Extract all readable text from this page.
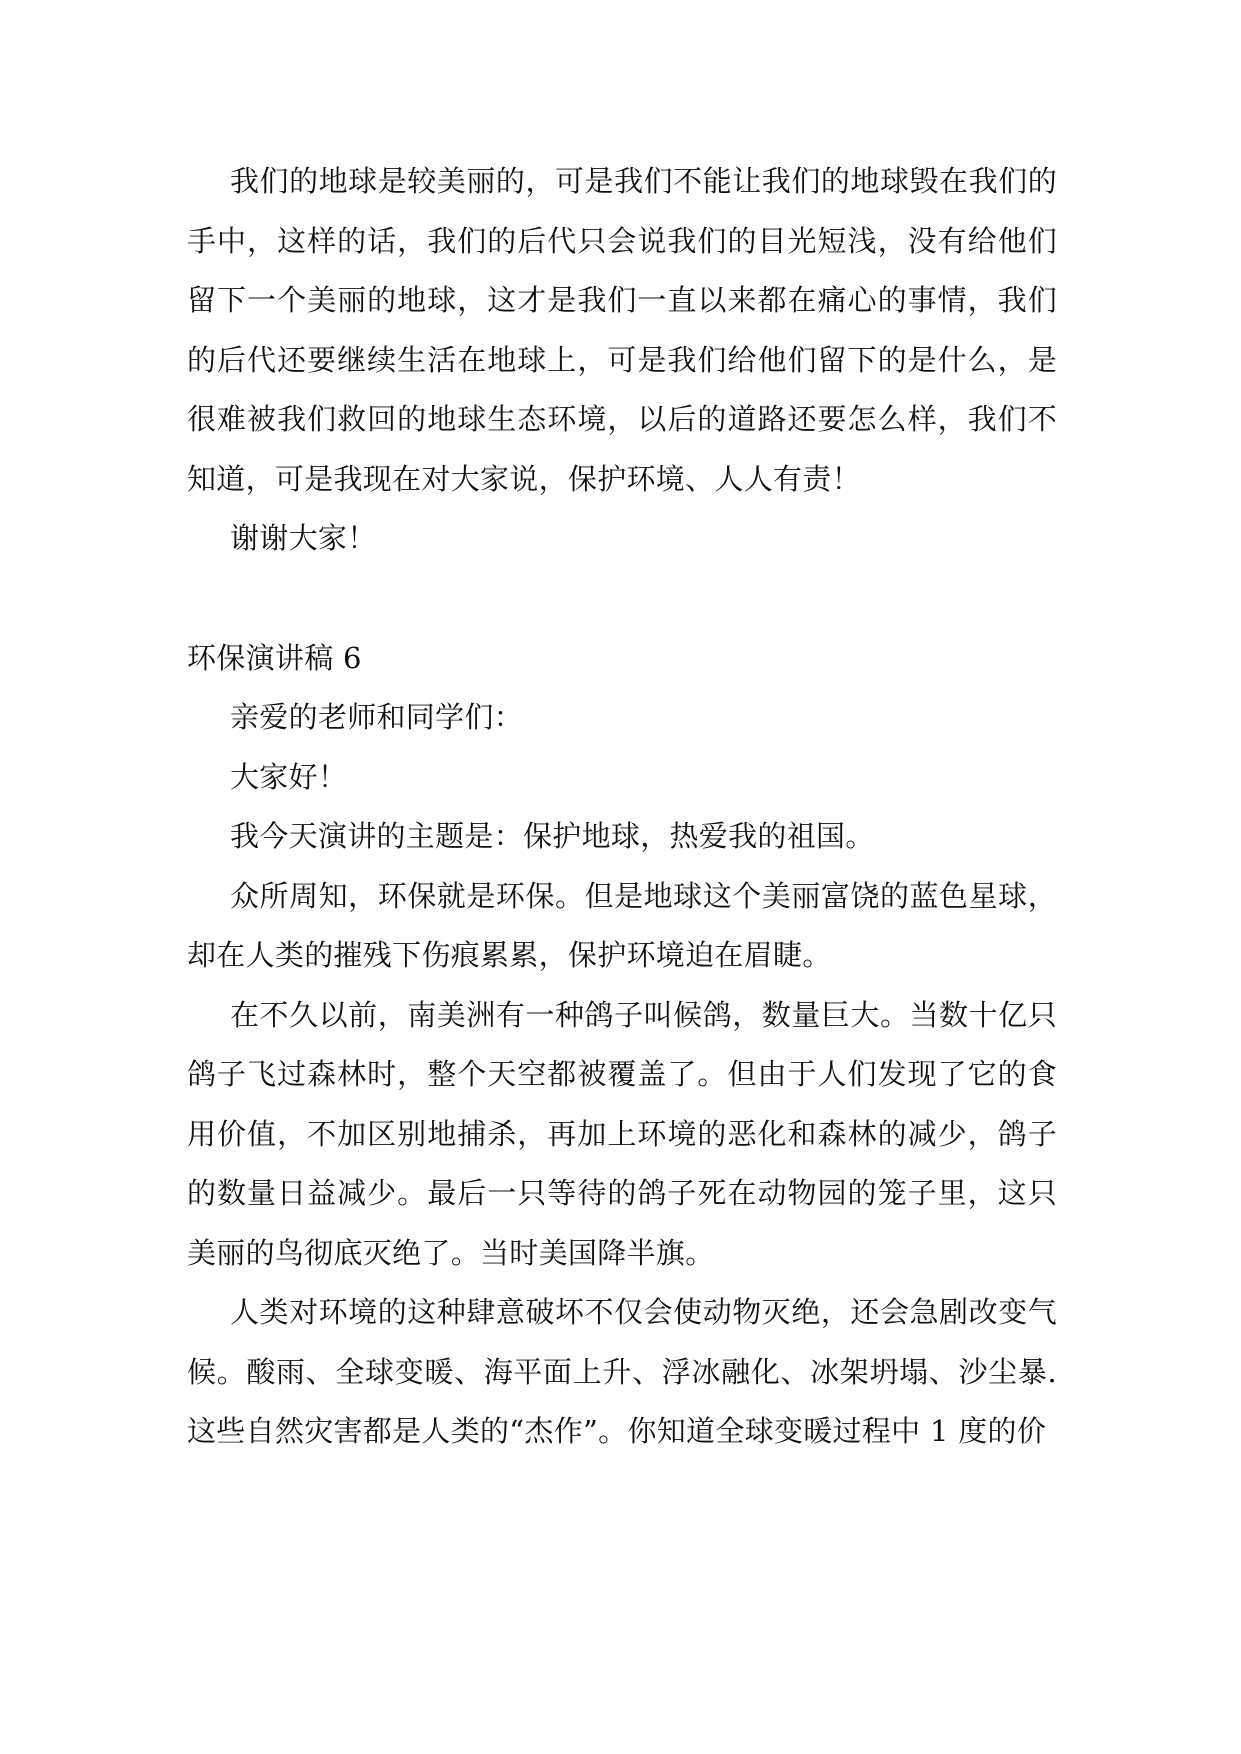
我们的地球是较美丽的，可是我们不能让我们的地球毁在我们的手中，这样的话，我们的后代只会说我们的目光短浅，没有给他们留下一个美丽的地球，这才是我们一直以来都在痛心的事情，我们的后代还要继续生活在地球上，可是我们给他们留下的是什么，是很难被我们救回的地球生态环境，以后的道路还要怎么样，我们不知道，可是我现在对大家说，保护环境、人人有责！

谢谢大家！

环保演讲稿 6

亲爱的老师和同学们：

大家好！

我今天演讲的主题是：保护地球，热爱我的祖国。

众所周知，环保就是环保。但是地球这个美丽富饶的蓝色星球，却在人类的摧残下伤痕累累，保护环境迫在眉睫。

在不久以前，南美洲有一种鸽子叫候鸽，数量巨大。当数十亿只鸽子飞过森林时，整个天空都被覆盖了。但由于人们发现了它的食用价值，不加区别地捕杀，再加上环境的恶化和森林的减少，鸽子的数量日益减少。最后一只等待的鸽子死在动物园的笼子里，这只美丽的鸟彻底灭绝了。当时美国降半旗。

人类对环境的这种肆意破坏不仅会使动物灭绝，还会急剧改变气候。酸雨、全球变暖、海平面上升、浮冰融化、冰架坍塌、沙尘暴.这些自然灾害都是人类的“杰作”。你知道全球变暖过程中 1 度的价
